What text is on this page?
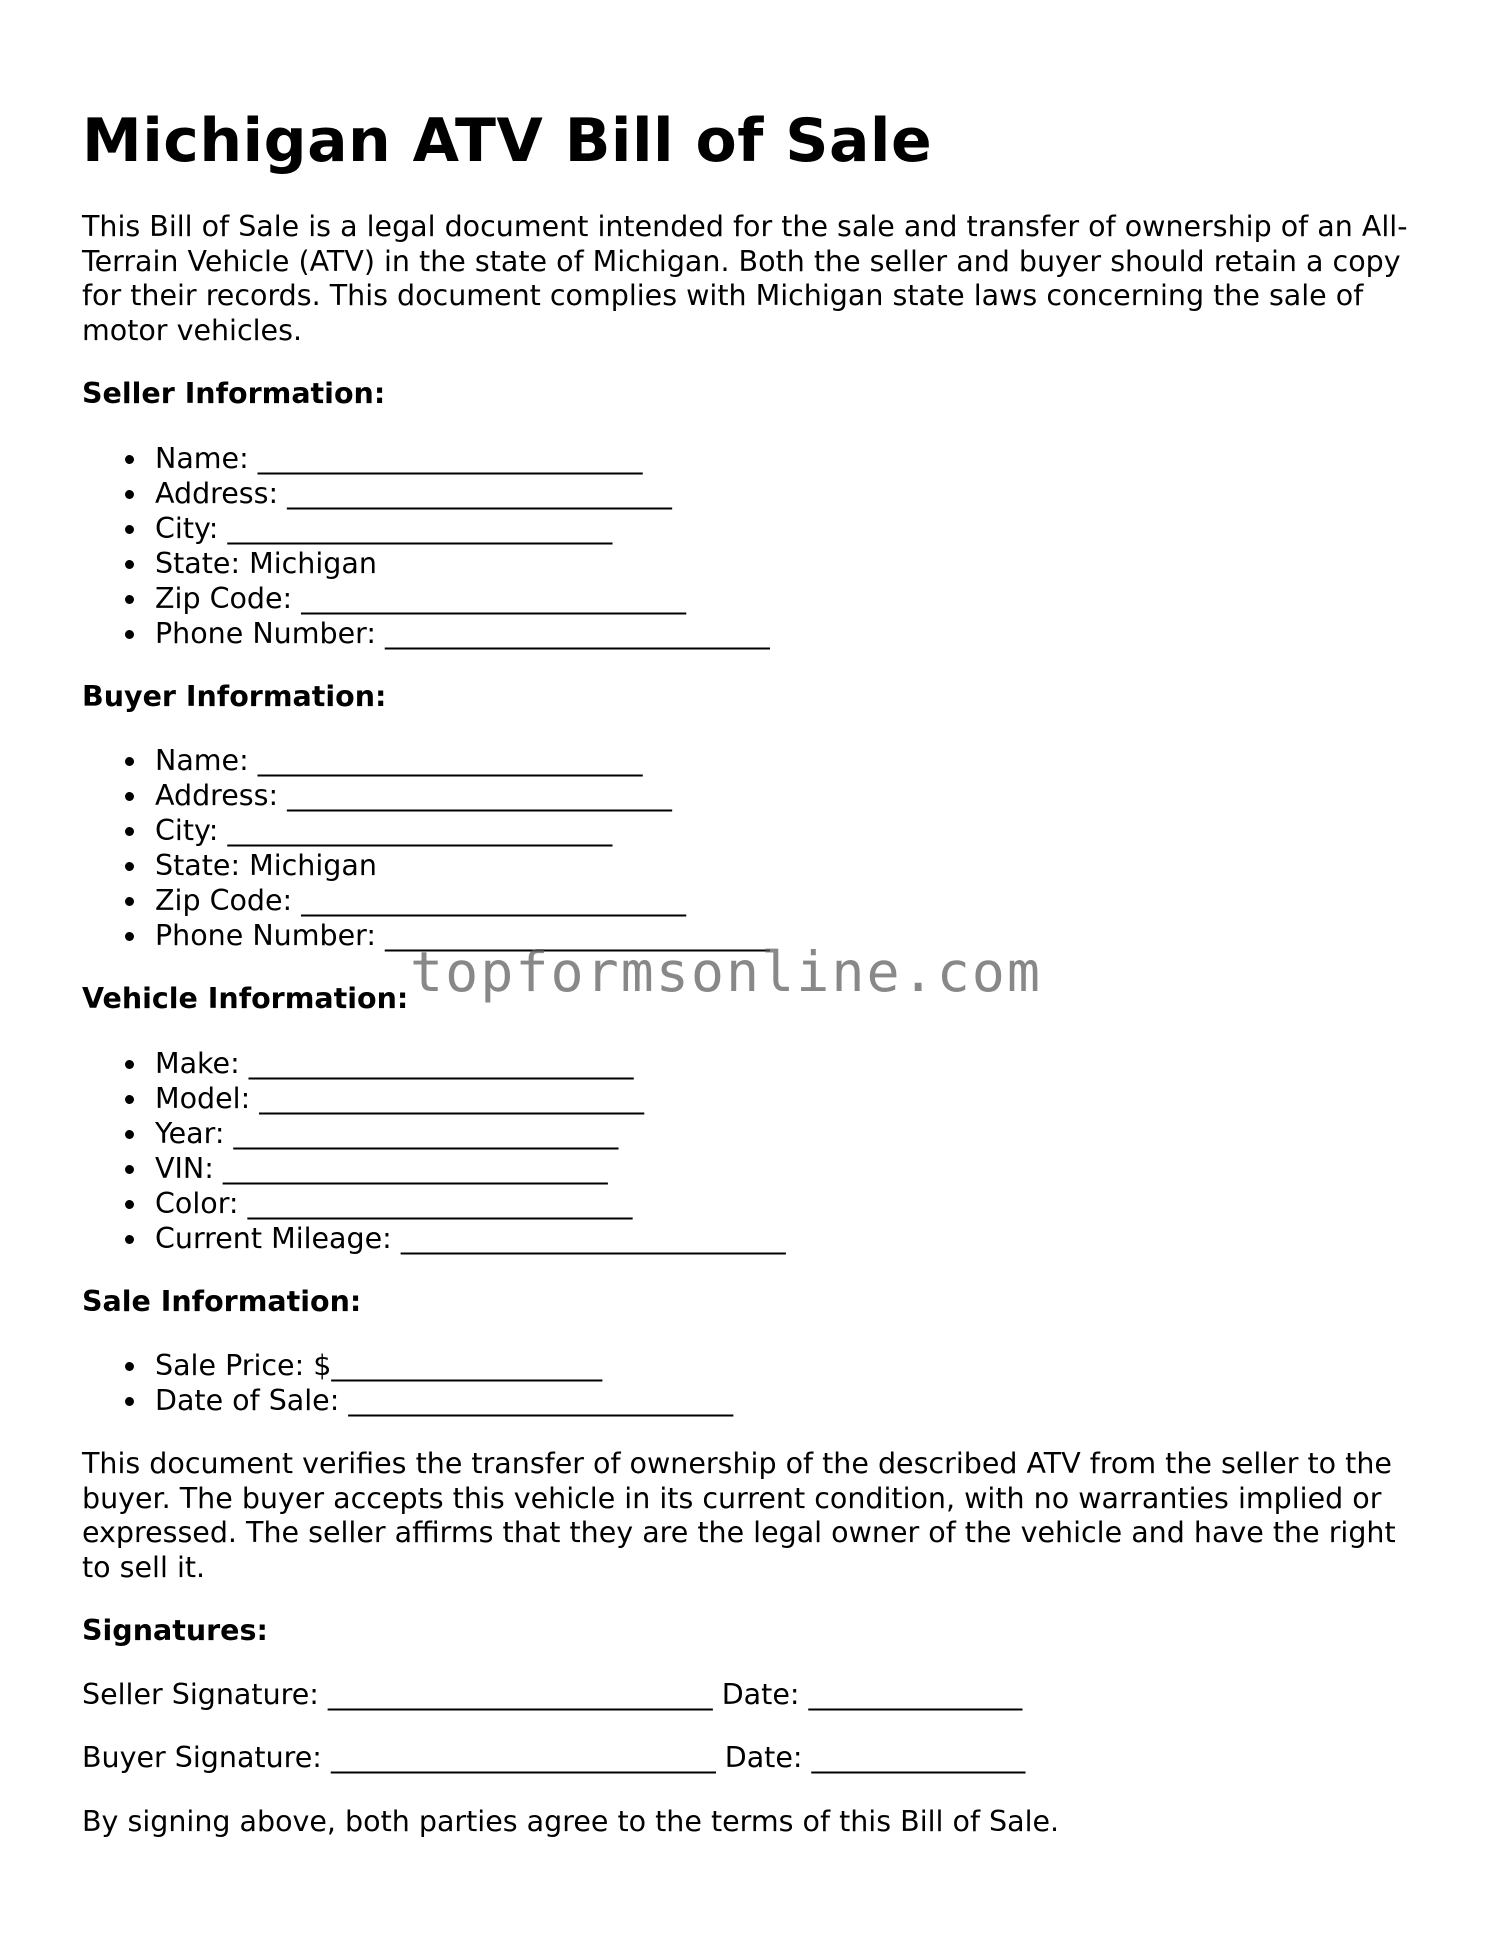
Michigan ATV Bill of Sale

This Bill of Sale is a legal document intended for the sale and transfer of ownership of an All-Terrain Vehicle (ATV) in the state of Michigan. Both the seller and buyer should retain a copy for their records. This document complies with Michigan state laws concerning the sale of motor vehicles.

Seller Information:
Name: ___________________________
Address: ___________________________
City: ___________________________
State: Michigan
Zip Code: ___________________________
Phone Number: ___________________________
Buyer Information:
Name: ___________________________
Address: ___________________________
City: ___________________________
State: Michigan
Zip Code: ___________________________
Phone Number: ___________________________
Vehicle Information:
Make: ___________________________
Model: ___________________________
Year: ___________________________
VIN: ___________________________
Color: ___________________________
Current Mileage: ___________________________
Sale Information:
Sale Price: $___________________
Date of Sale: ___________________________

This document verifies the transfer of ownership of the described ATV from the seller to the buyer. The buyer accepts this vehicle in its current condition, with no warranties implied or expressed. The seller affirms that they are the legal owner of the vehicle and have the right to sell it.

Signatures:

Seller Signature: ___________________________ Date: _______________

Buyer Signature: ___________________________ Date: _______________

By signing above, both parties agree to the terms of this Bill of Sale.

topformsonline.com
